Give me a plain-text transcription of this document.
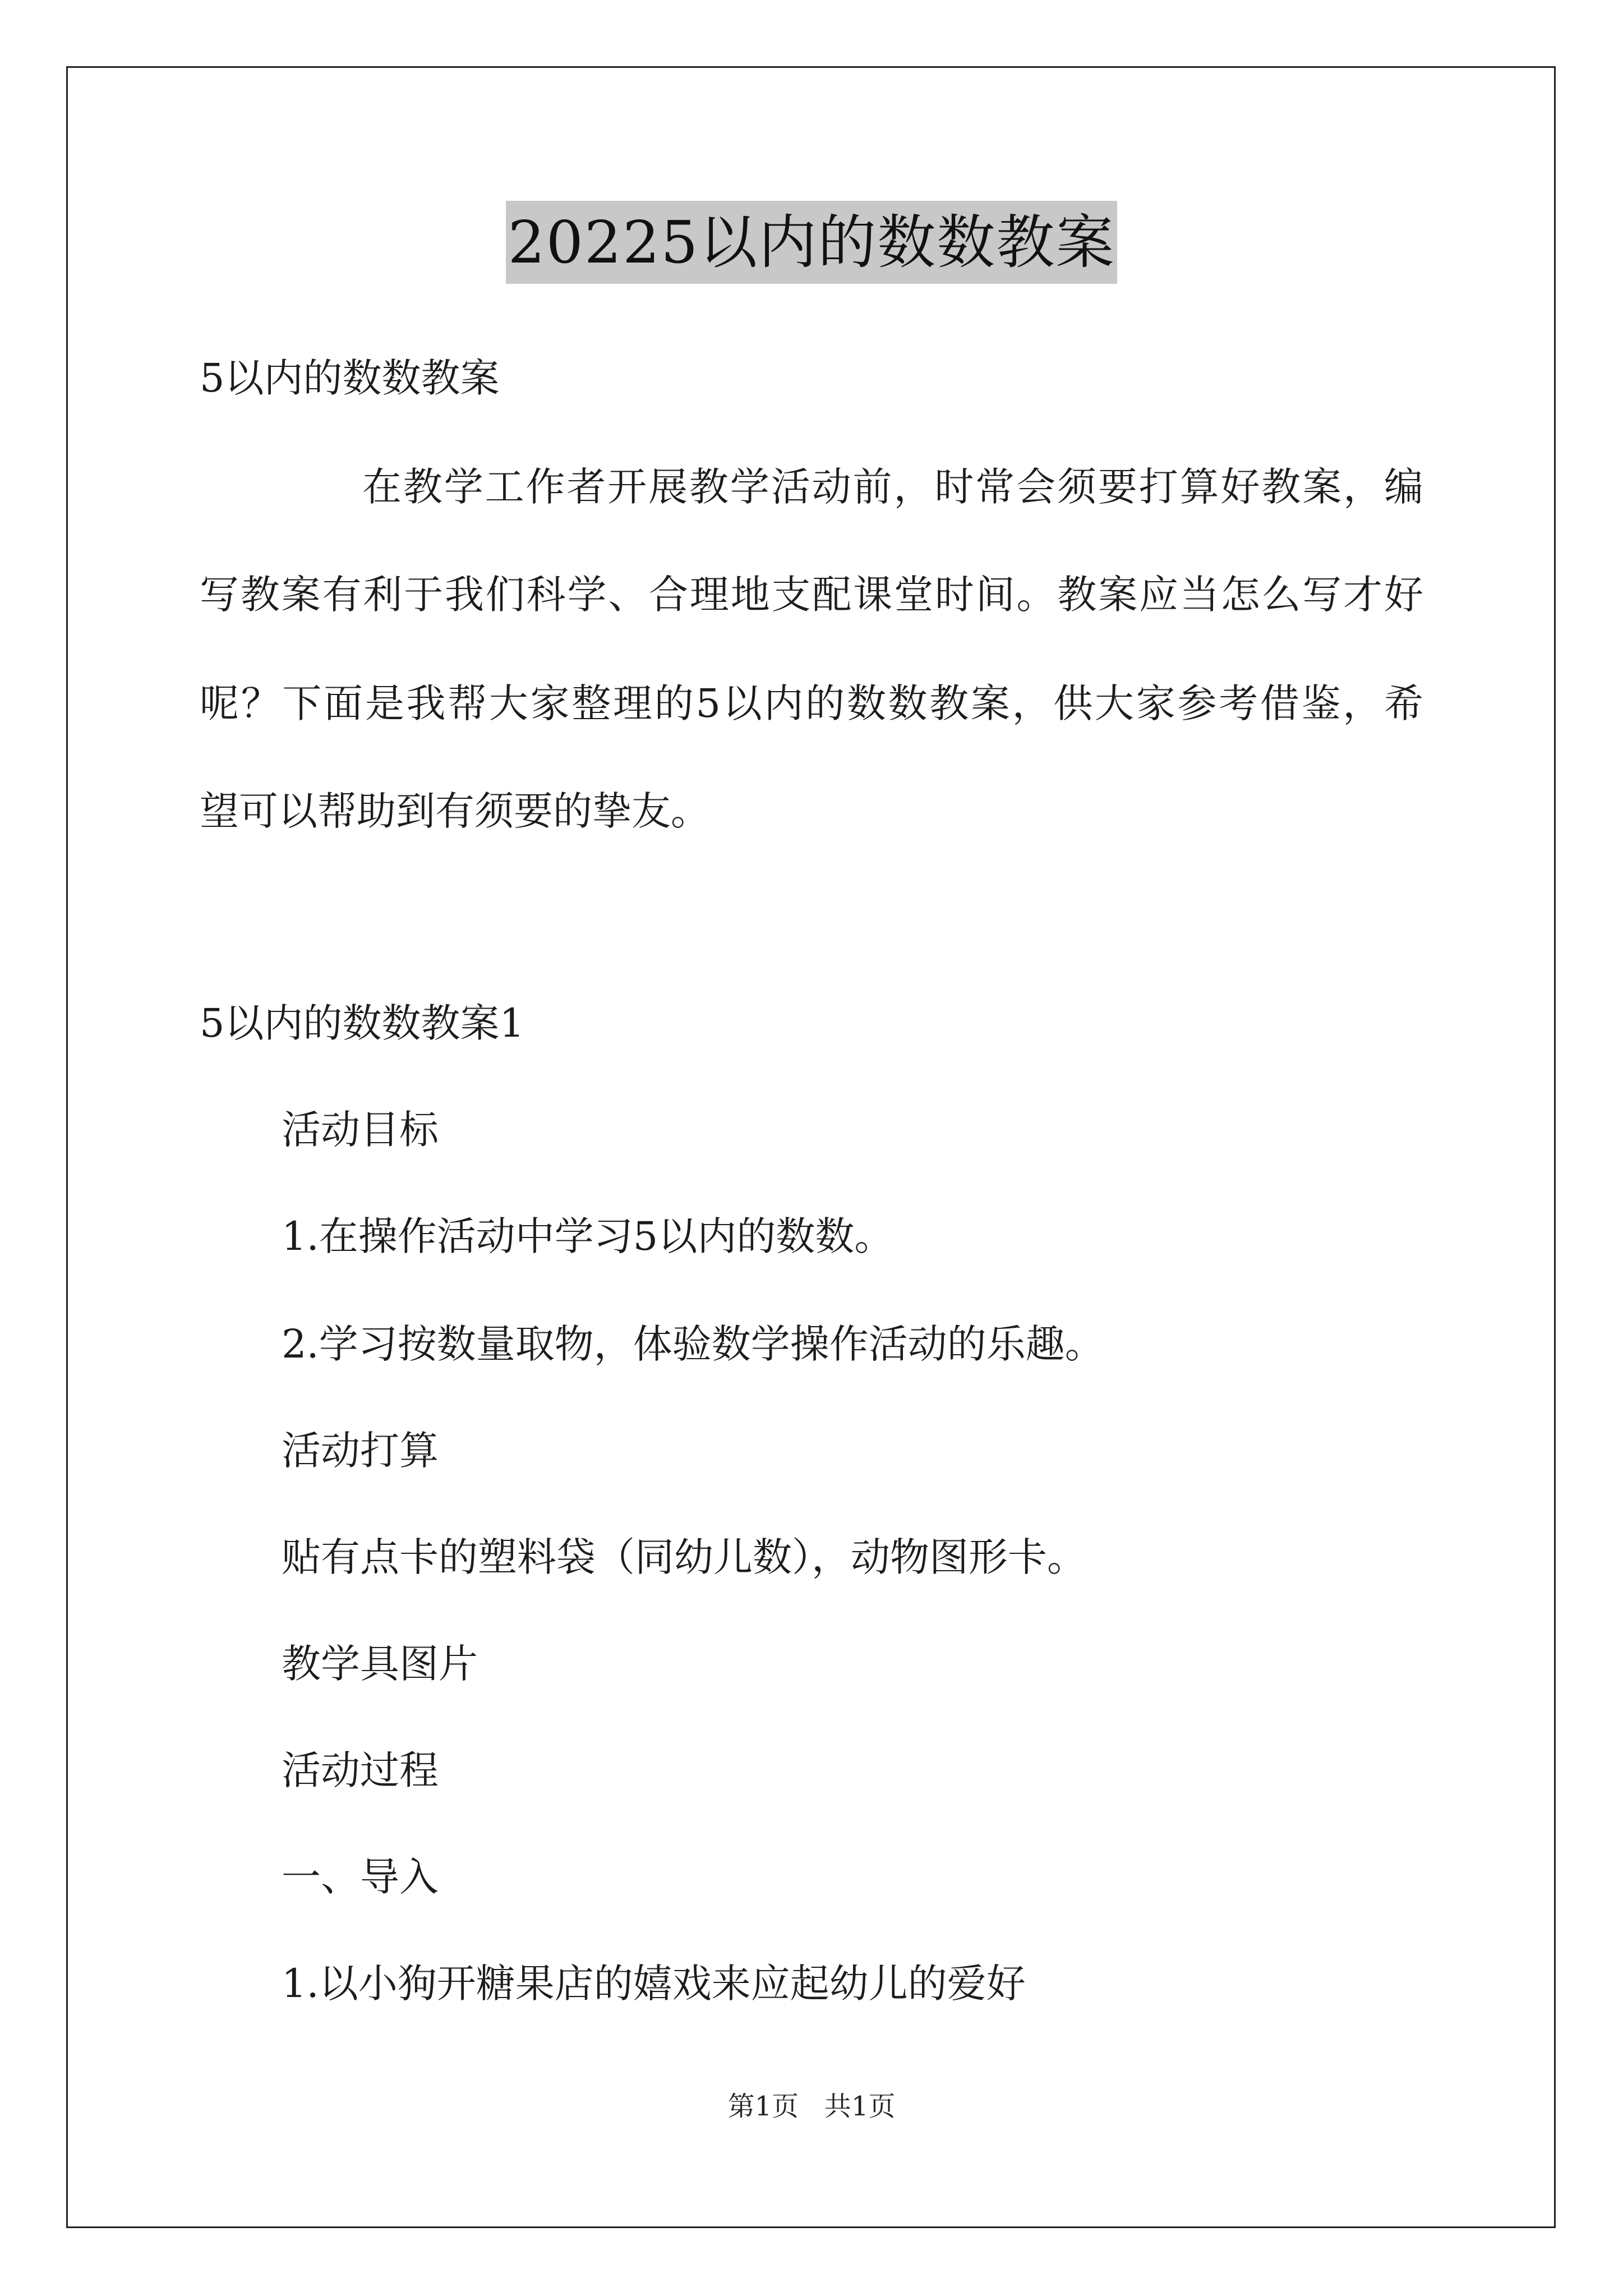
20225以内的数数教案
5以内的数数教案
在教学工作者开展教学活动前，时常会须要打算好教案，编
写教案有利于我们科学、合理地支配课堂时间。教案应当怎么写才好
呢？下面是我帮大家整理的5以内的数数教案，供大家参考借鉴，希
望可以帮助到有须要的挚友。
5以内的数数教案1
活动目标
1.在操作活动中学习5以内的数数。
2.学习按数量取物，体验数学操作活动的乐趣。
活动打算
贴有点卡的塑料袋（同幼儿数），动物图形卡。
教学具图片
活动过程
一、导入
1.以小狗开糖果店的嬉戏来应起幼儿的爱好
第1页   共1页
